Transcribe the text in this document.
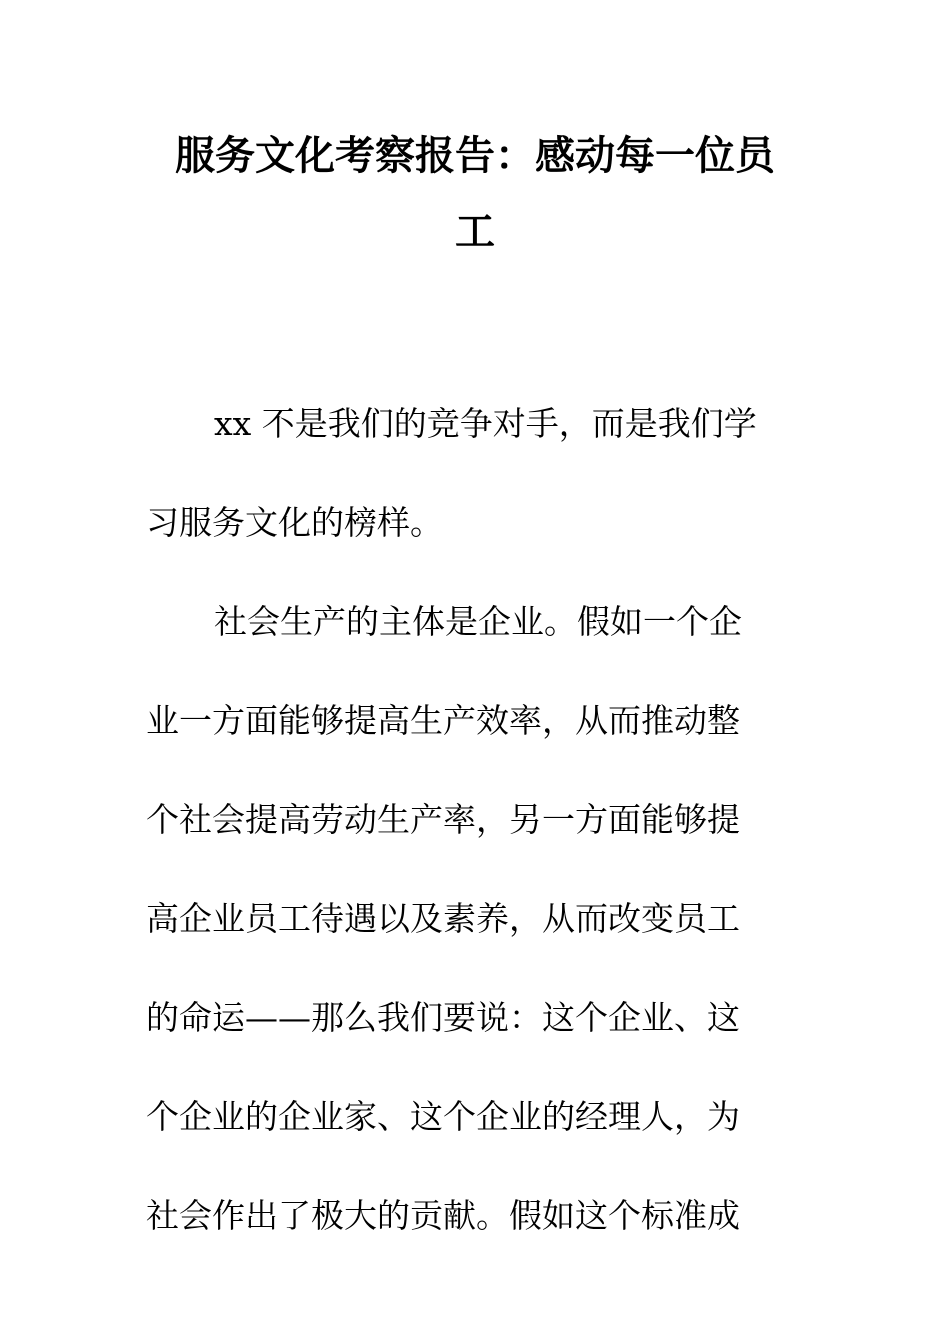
服务文化考察报告：感动每一位员
工
xx 不是我们的竞争对手，而是我们学
习服务文化的榜样。
社会生产的主体是企业。假如一个企
业一方面能够提高生产效率，从而推动整
个社会提高劳动生产率，另一方面能够提
高企业员工待遇以及素养，从而改变员工
的命运——那么我们要说：这个企业、这
个企业的企业家、这个企业的经理人，为
社会作出了极大的贡献。假如这个标准成
